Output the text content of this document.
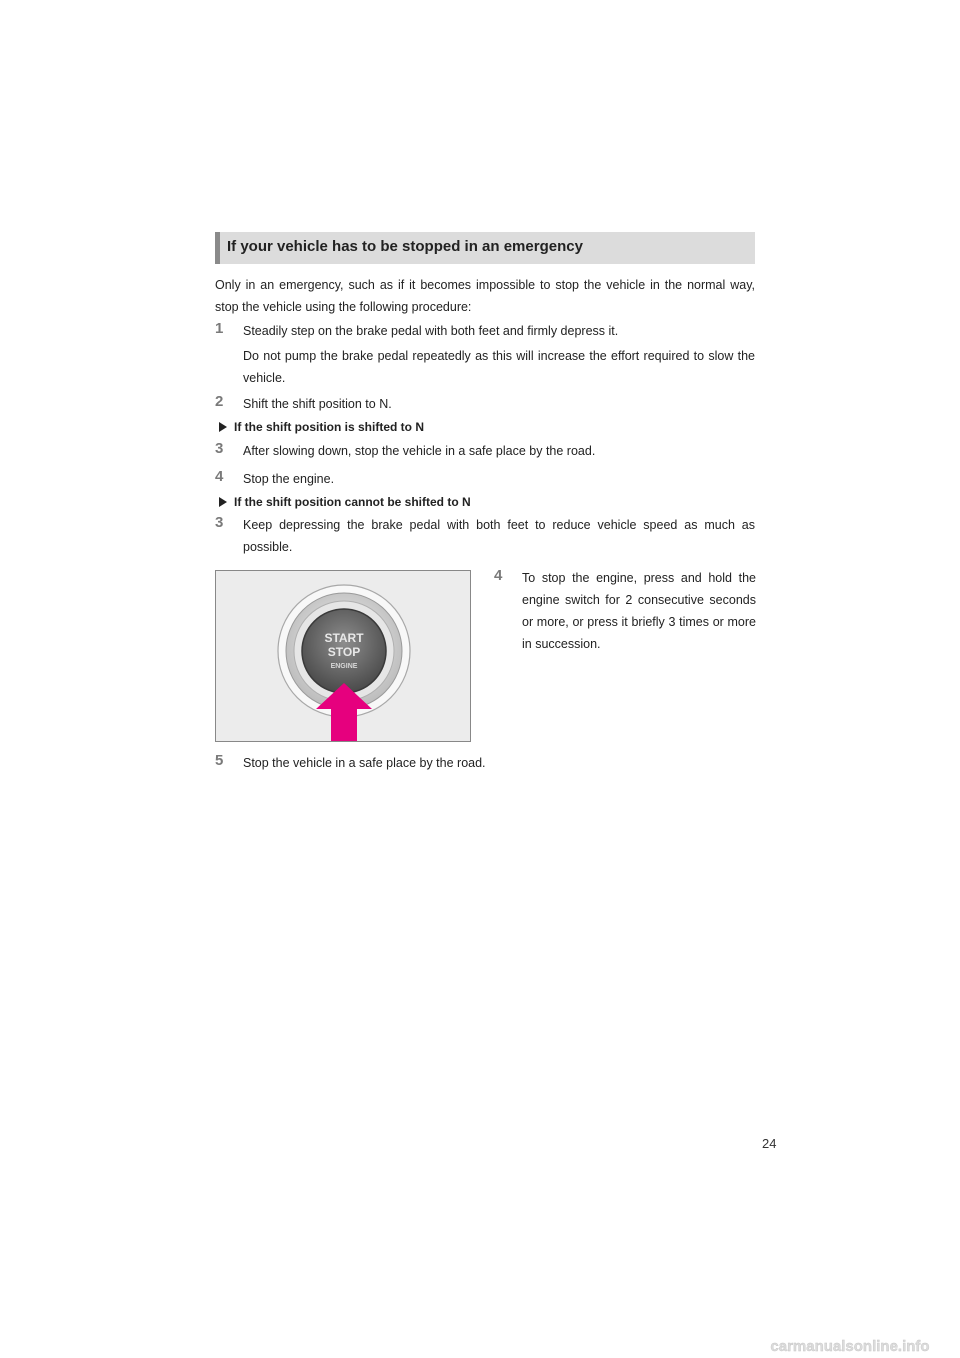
If your vehicle has to be stopped in an emergency

Only in an emergency, such as if it becomes impossible to stop the vehicle in the normal way, stop the vehicle using the following procedure:

1 Steadily step on the brake pedal with both feet and firmly depress it.

Do not pump the brake pedal repeatedly as this will increase the effort required to slow the vehicle.

2 Shift the shift position to N.

If the shift position is shifted to N
3 After slowing down, stop the vehicle in a safe place by the road.

4 Stop the engine.

If the shift position cannot be shifted to N
3 Keep depressing the brake pedal with both feet to reduce vehicle speed as much as possible.

START
STOP
ENGINE
4 To stop the engine, press and hold the engine switch for 2 consecutive seconds or more, or press it briefly 3 times or more in succession.

5 Stop the vehicle in a safe place by the road.

24
carmanualsonline.info
